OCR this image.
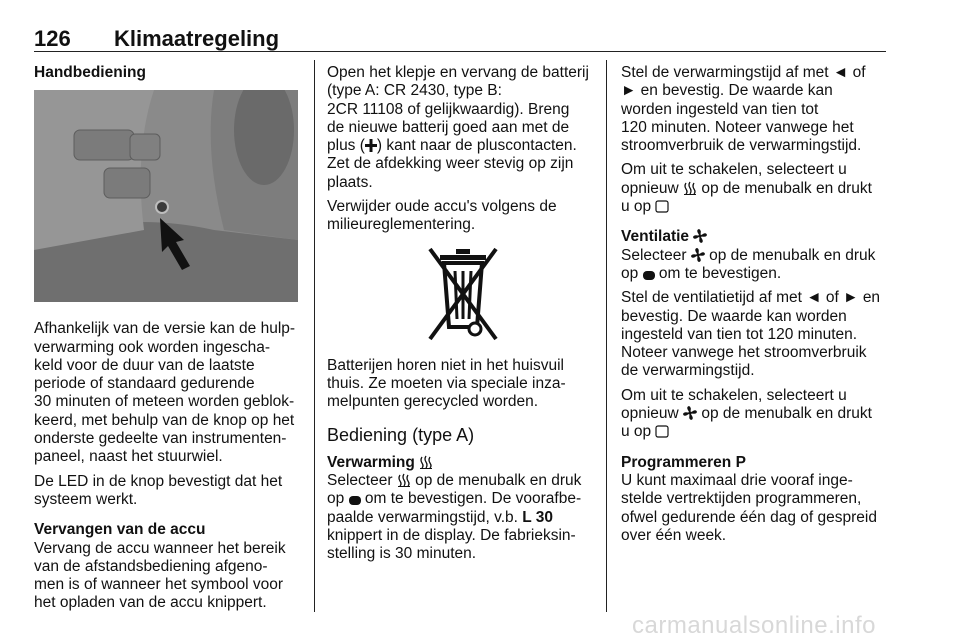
126 Klimaatregeling

Handbediening

Afhankelijk van de versie kan de hulp-
verwarming ook worden ingescha-
keld voor de duur van de laatste
periode of standaard gedurende
30 minuten of meteen worden geblok-
keerd, met behulp van de knop op het
onderste gedeelte van instrumenten-
paneel, naast het stuurwiel.

De LED in de knop bevestigt dat het
systeem werkt.

Vervangen van de accu

Vervang de accu wanneer het bereik
van de afstandsbediening afgeno-
men is of wanneer het symbool voor
het opladen van de accu knippert.

Open het klepje en vervang de batterij
(type A: CR 2430, type B:
2CR 11108 of gelijkwaardig). Breng
de nieuwe batterij goed aan met de
plus ( ) kant naar de pluscontacten.
Zet de afdekking weer stevig op zijn
plaats.

Verwijder oude accu's volgens de
milieureglementering.

Batterijen horen niet in het huisvuil
thuis. Ze moeten via speciale inza-
melpunten gerecycled worden.

Bediening (type A)

Verwarming

Selecteer op de menubalk en druk
op om te bevestigen. De voorafbe-
paalde verwarmingstijd, v.b. L 30
knippert in de display. De fabrieksin-
stelling is 30 minuten.

Stel de verwarmingstijd af met ◄ of
► en bevestig. De waarde kan
worden ingesteld van tien tot
120 minuten. Noteer vanwege het
stroomverbruik de verwarmingstijd.

Om uit te schakelen, selecteert u
opnieuw op de menubalk en drukt
u op

Ventilatie

Selecteer op de menubalk en druk
op om te bevestigen.

Stel de ventilatietijd af met ◄ of ► en
bevestig. De waarde kan worden
ingesteld van tien tot 120 minuten.
Noteer vanwege het stroomverbruik
de verwarmingstijd.

Om uit te schakelen, selecteert u
opnieuw op de menubalk en drukt
u op

Programmeren P

U kunt maximaal drie vooraf inge-
stelde vertrektijden programmeren,
ofwel gedurende één dag of gespreid
over één week.

carmanualsonline.info
